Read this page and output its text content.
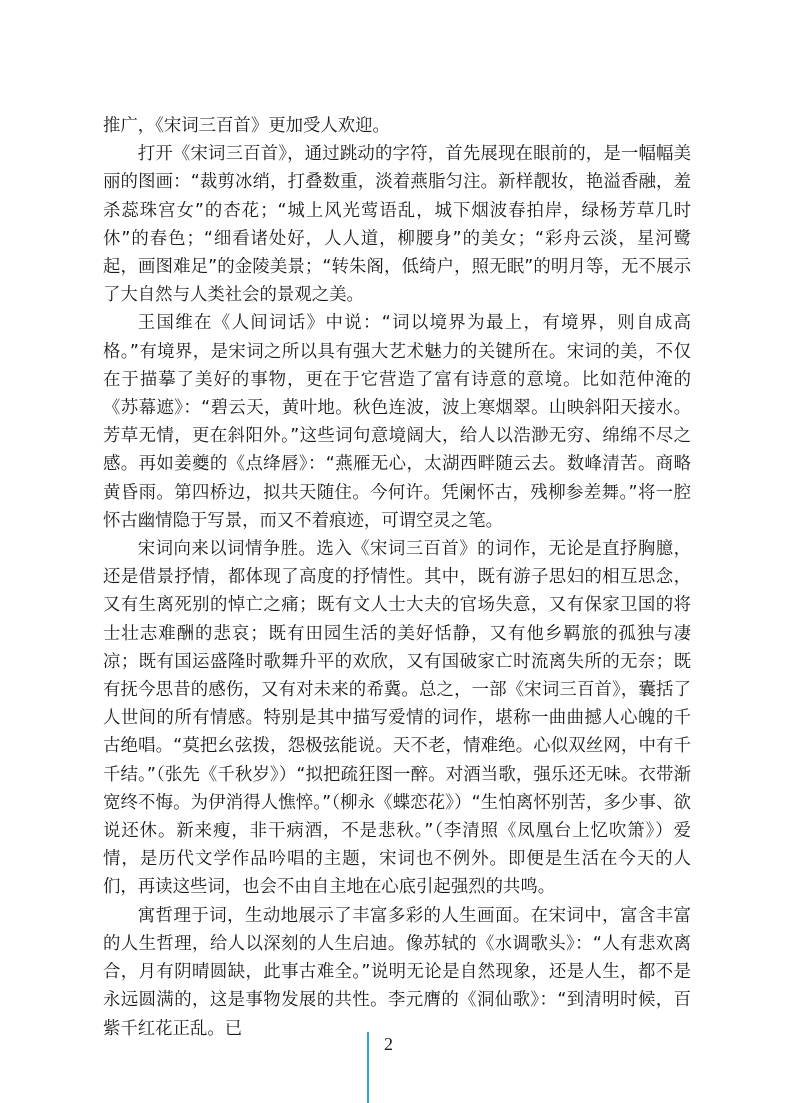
推广，《宋词三百首》更加受人欢迎。

打开《宋词三百首》，通过跳动的字符，首先展现在眼前的，是一幅幅美丽的图画：“裁剪冰绡，打叠数重，淡着燕脂匀注。新样靓妆，艳溢香融，羞杀蕊珠宫女”的杏花；“城上风光莺语乱，城下烟波春拍岸，绿杨芳草几时休”的春色；“细看诸处好，人人道，柳腰身”的美女；“彩舟云淡，星河鹭起，画图难足”的金陵美景；“转朱阁，低绮户，照无眠”的明月等，无不展示了大自然与人类社会的景观之美。

王国维在《人间词话》中说：“词以境界为最上，有境界，则自成高格。”有境界，是宋词之所以具有强大艺术魅力的关键所在。宋词的美，不仅在于描摹了美好的事物，更在于它营造了富有诗意的意境。比如范仲淹的《苏幕遮》：“碧云天，黄叶地。秋色连波，波上寒烟翠。山映斜阳天接水。芳草无情，更在斜阳外。”这些词句意境阔大，给人以浩渺无穷、绵绵不尽之感。再如姜夔的《点绛唇》：“燕雁无心，太湖西畔随云去。数峰清苦。商略黄昏雨。第四桥边，拟共天随住。今何许。凭阑怀古，残柳参差舞。”将一腔怀古幽情隐于写景，而又不着痕迹，可谓空灵之笔。

宋词向来以词情争胜。选入《宋词三百首》的词作，无论是直抒胸臆，还是借景抒情，都体现了高度的抒情性。其中，既有游子思妇的相互思念，又有生离死别的悼亡之痛；既有文人士大夫的官场失意，又有保家卫国的将士壮志难酬的悲哀；既有田园生活的美好恬静，又有他乡羁旅的孤独与凄凉；既有国运盛隆时歌舞升平的欢欣，又有国破家亡时流离失所的无奈；既有抚今思昔的感伤，又有对未来的希冀。总之，一部《宋词三百首》，囊括了人世间的所有情感。特别是其中描写爱情的词作，堪称一曲曲撼人心魄的千古绝唱。“莫把幺弦拨，怨极弦能说。天不老，情难绝。心似双丝网，中有千千结。”（张先《千秋岁》）“拟把疏狂图一醉。对酒当歌，强乐还无味。衣带渐宽终不悔。为伊消得人憔悴。”（柳永《蝶恋花》）“生怕离怀别苦，多少事、欲说还休。新来瘦，非干病酒，不是悲秋。”（李清照《凤凰台上忆吹箫》）爱情，是历代文学作品吟唱的主题，宋词也不例外。即便是生活在今天的人们，再读这些词，也会不由自主地在心底引起强烈的共鸣。

寓哲理于词，生动地展示了丰富多彩的人生画面。在宋词中，富含丰富的人生哲理，给人以深刻的人生启迪。像苏轼的《水调歌头》：“人有悲欢离合，月有阴晴圆缺，此事古难全。”说明无论是自然现象，还是人生，都不是永远圆满的，这是事物发展的共性。李元膺的《洞仙歌》：“到清明时候，百紫千红花正乱。已

2
